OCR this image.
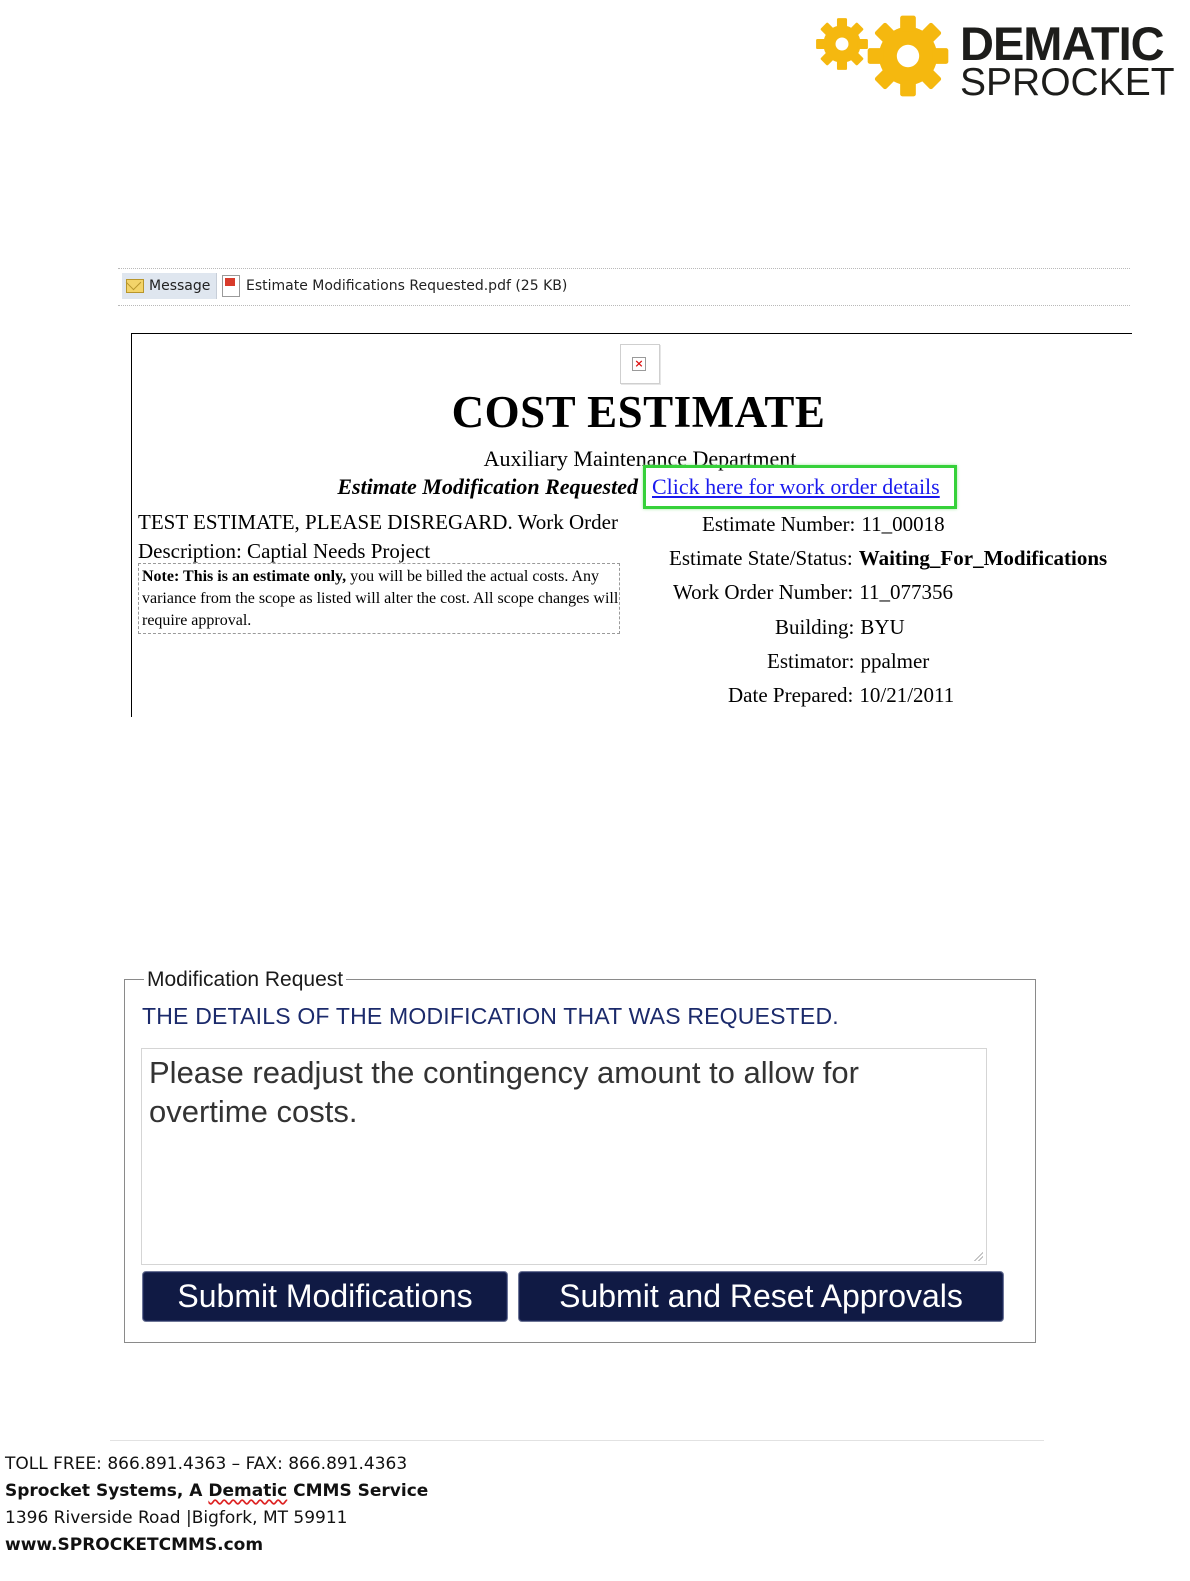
DEMATIC
SPROCKET
Message	Estimate Modifications Requested.pdf (25 KB)
×
COST ESTIMATE
Auxiliary Maintenance Department
Estimate Modification Requested Click here for work order details
TEST ESTIMATE, PLEASE DISREGARD. Work Order Description: Captial Needs Project
Note: This is an estimate only, you will be billed the actual costs. Any variance from the scope as listed will alter the cost. All scope changes will require approval.
Estimate Number: 11_00018
Estimate State/Status: Waiting_For_Modifications
Work Order Number: 11_077356
Building: BYU
Estimator: ppalmer
Date Prepared: 10/21/2011
Modification Request
THE DETAILS OF THE MODIFICATION THAT WAS REQUESTED.
Please readjust the contingency amount to allow for overtime costs.
Submit Modifications	Submit and Reset Approvals
TOLL FREE: 866.891.4363 – FAX: 866.891.4363
Sprocket Systems, A Dematic CMMS Service
1396 Riverside Road |Bigfork, MT 59911
www.SPROCKETCMMS.com
